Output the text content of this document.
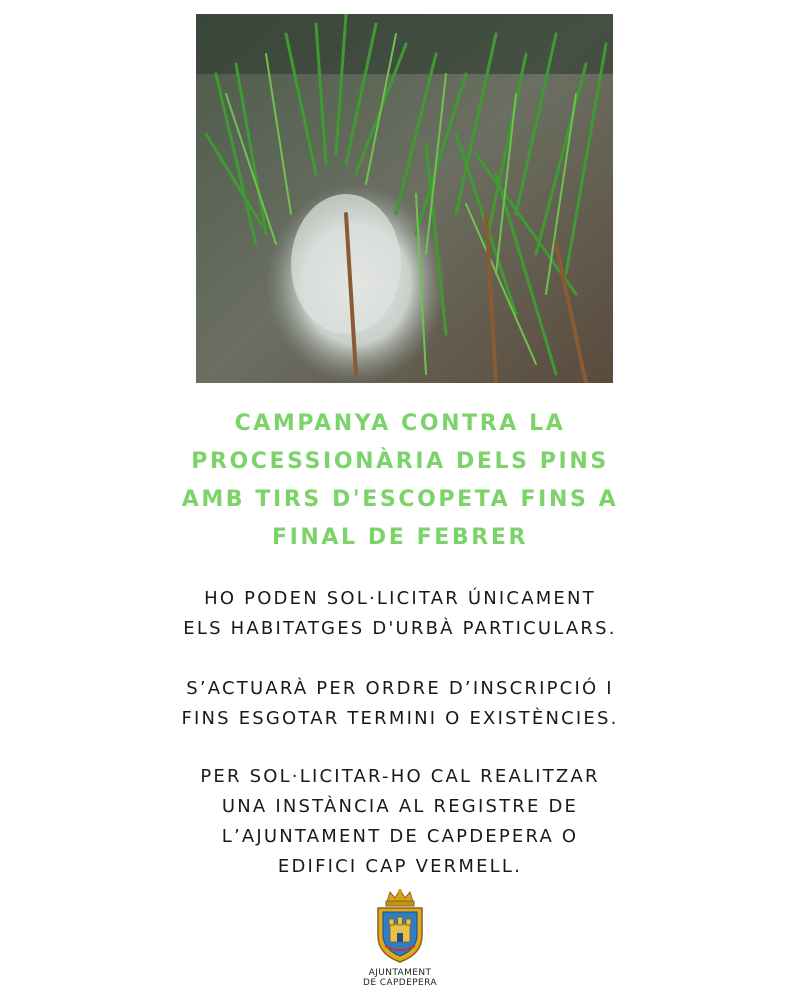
CAMPANYA CONTRA LA
PROCESSIONÀRIA DELS PINS
AMB TIRS D'ESCOPETA FINS A
FINAL DE FEBRER

HO PODEN SOL·LICITAR ÚNICAMENT
ELS HABITATGES D'URBÀ PARTICULARS.

S’ACTUARÀ PER ORDRE D’INSCRIPCIÓ I
FINS ESGOTAR TERMINI O EXISTÈNCIES.

PER SOL·LICITAR-HO CAL REALITZAR
UNA INSTÀNCIA AL REGISTRE DE
L’AJUNTAMENT DE CAPDEPERA O
EDIFICI CAP VERMELL.

AJUNTAMENT
DE CAPDEPERA
